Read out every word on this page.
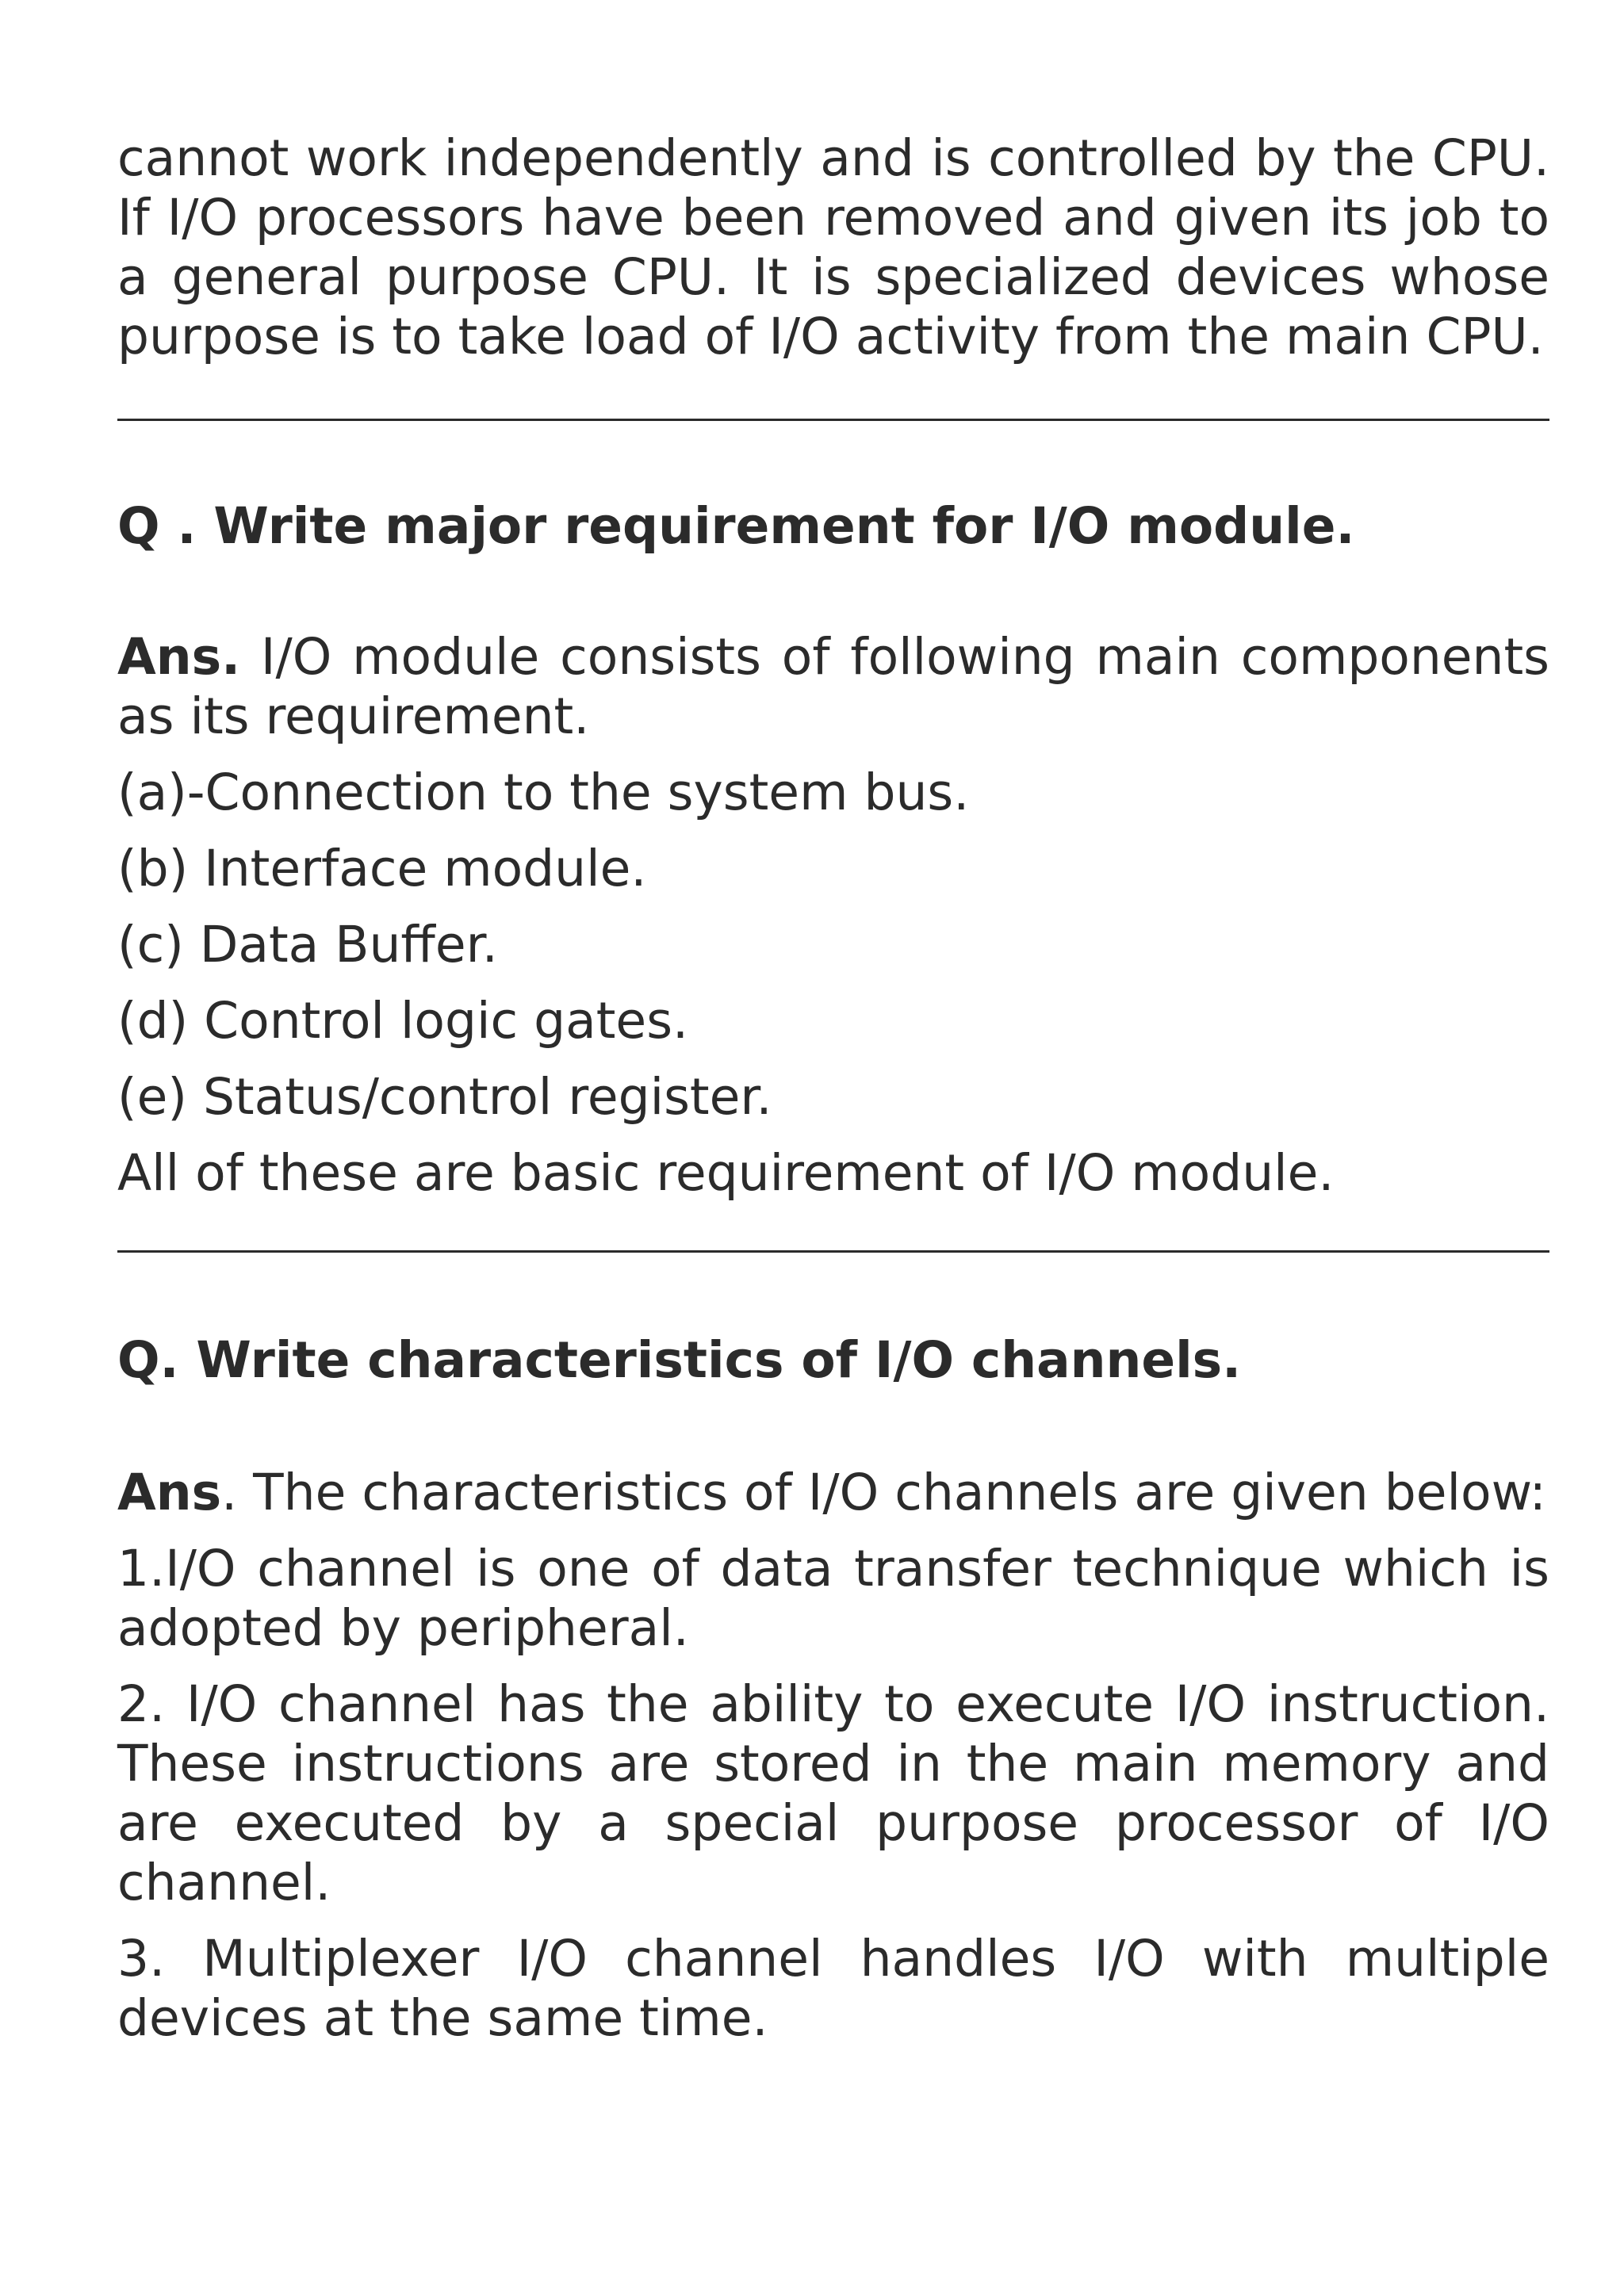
cannot work independently and is controlled by the CPU. If I/O processors have been removed and given its job to a general purpose CPU. It is specialized devices whose purpose is to take load of I/O activity from the main CPU.

Q . Write major requirement for I/O module.

Ans. I/O module consists of following main components as its requirement.

(a)-Connection to the system bus.

(b) Interface module.

(c) Data Buffer.

(d) Control logic gates.

(e) Status/control register.

All of these are basic requirement of I/O module.

Q. Write characteristics of I/O channels.

Ans. The characteristics of I/O channels are given below:

1.I/O channel is one of data transfer technique which is adopted by peripheral.

2. I/O channel has the ability to execute I/O instruction. These instructions are stored in the main memory and are executed by a special purpose processor of I/O channel.

3. Multiplexer I/O channel handles I/O with multiple devices at the same time.
